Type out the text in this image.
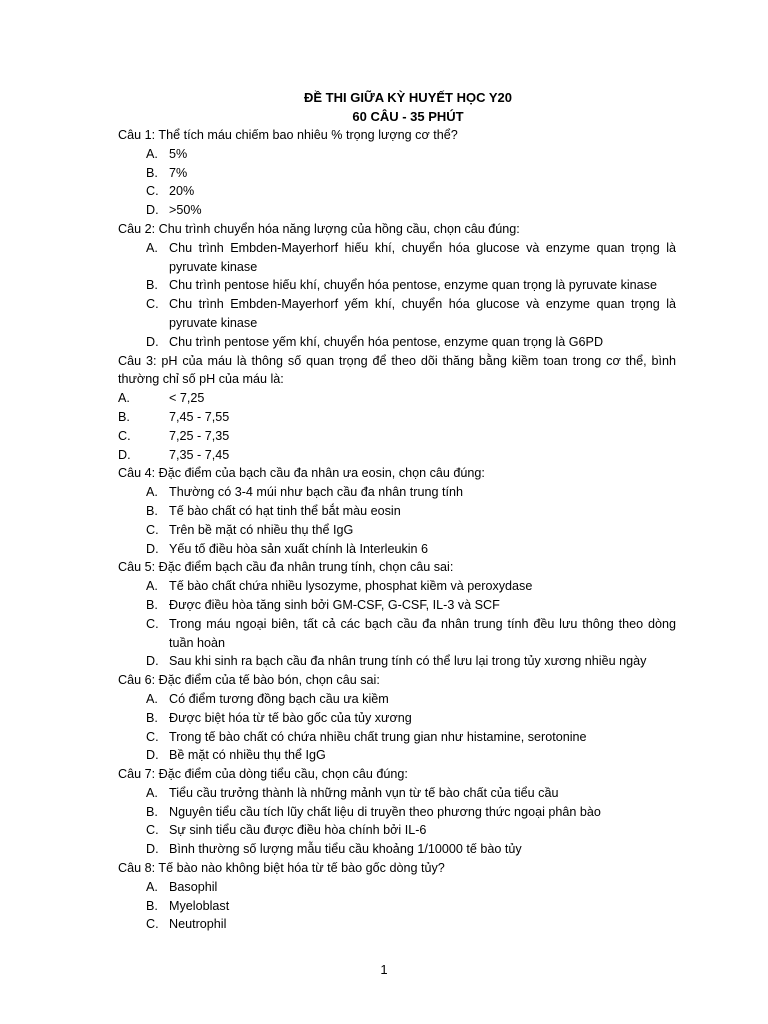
ĐỀ THI GIỮA KỲ HUYẾT HỌC Y20
60 CÂU - 35 PHÚT
Câu 1: Thể tích máu chiếm bao nhiêu % trọng lượng cơ thể?
A. 5%
B. 7%
C. 20%
D. >50%
Câu 2: Chu trình chuyển hóa năng lượng của hồng cầu, chọn câu đúng:
A. Chu trình Embden-Mayerhorf hiếu khí, chuyển hóa glucose và enzyme quan trọng là pyruvate kinase
B. Chu trình pentose hiếu khí, chuyển hóa pentose, enzyme quan trọng là pyruvate kinase
C. Chu trình Embden-Mayerhorf yếm khí, chuyển hóa glucose và enzyme quan trọng là pyruvate kinase
D. Chu trình pentose yếm khí, chuyển hóa pentose, enzyme quan trọng là G6PD
Câu 3: pH của máu là thông số quan trọng để theo dõi thăng bằng kiềm toan trong cơ thể, bình thường chỉ số pH của máu là:
A.	< 7,25
B.	7,45 - 7,55
C.	7,25 - 7,35
D.	7,35 - 7,45
Câu 4: Đặc điểm của bạch cầu đa nhân ưa eosin, chọn câu đúng:
A. Thường có 3-4 múi như bạch cầu đa nhân trung tính
B. Tế bào chất có hạt tinh thể bắt màu eosin
C. Trên bề mặt có nhiều thụ thể IgG
D. Yếu tố điều hòa sản xuất chính là Interleukin 6
Câu 5: Đặc điểm bạch cầu đa nhân trung tính, chọn câu sai:
A. Tế bào chất chứa nhiều lysozyme, phosphat kiềm và peroxydase
B. Được điều hòa tăng sinh bởi GM-CSF, G-CSF, IL-3 và SCF
C. Trong máu ngoại biên, tất cả các bạch cầu đa nhân trung tính đều lưu thông theo dòng tuần hoàn
D. Sau khi sinh ra bạch cầu đa nhân trung tính có thể lưu lại trong tủy xương nhiều ngày
Câu 6: Đặc điểm của tế bào bón, chọn câu sai:
A. Có điểm tương đồng bạch cầu ưa kiềm
B. Được biệt hóa từ tế bào gốc của tủy xương
C. Trong tế bào chất có chứa nhiều chất trung gian như histamine, serotonine
D. Bề mặt có nhiều thụ thể IgG
Câu 7: Đặc điểm của dòng tiểu cầu, chọn câu đúng:
A. Tiểu cầu trưởng thành là những mảnh vụn từ tế bào chất của tiểu cầu
B. Nguyên tiểu cầu tích lũy chất liệu di truyền theo phương thức ngoại phân bào
C. Sự sinh tiểu cầu được điều hòa chính bởi IL-6
D. Bình thường số lượng mẫu tiểu cầu khoảng 1/10000 tế bào tủy
Câu 8: Tế bào nào không biệt hóa từ tế bào gốc dòng tủy?
A. Basophil
B. Myeloblast
C. Neutrophil
1
